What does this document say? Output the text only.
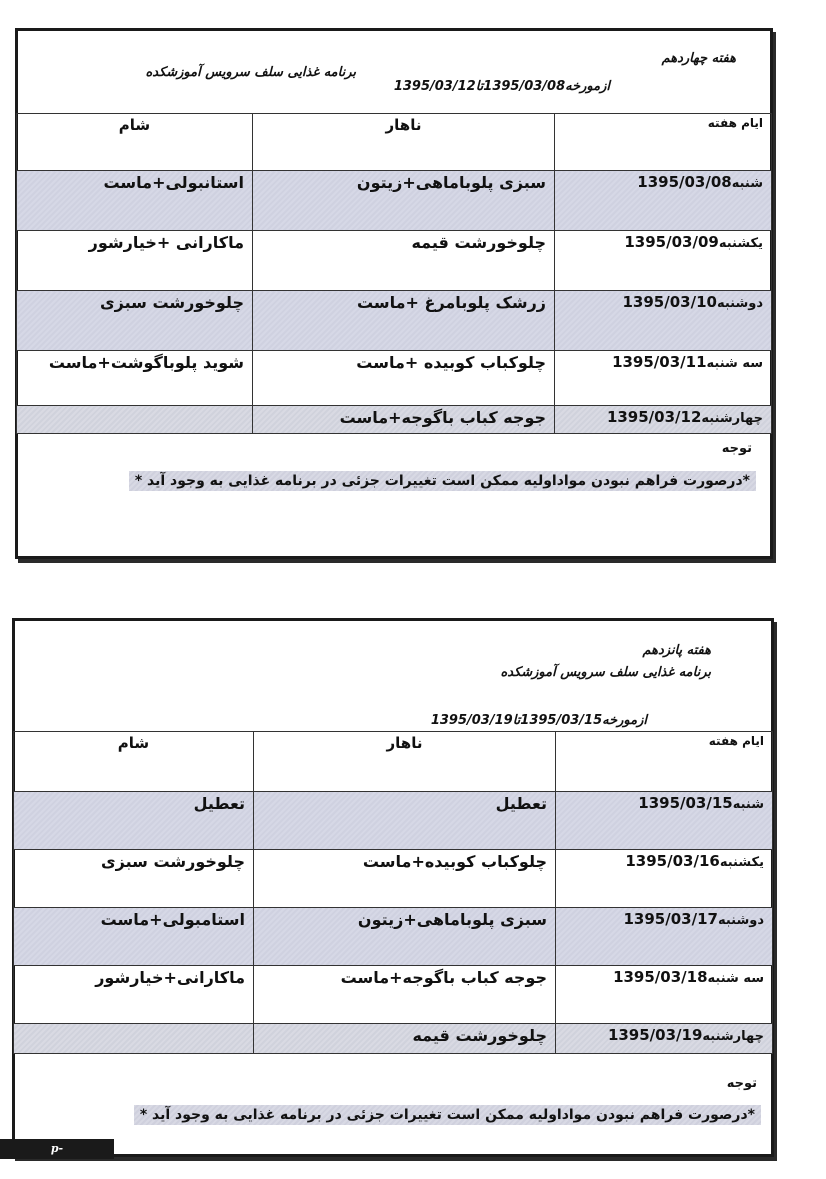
هفته چهاردهم
برنامه غذایی سلف سرویس آموزشکده
ازمورخه1395/03/08تا1395/03/12
ایام هفته	ناهار	شام
شنبه1395/03/08	سبزی پلوباماهی+زیتون	استانبولی+ماست
یکشنبه1395/03/09	چلوخورشت قیمه	ماکارانی +خیارشور
دوشنبه1395/03/10	زرشک پلوبامرغ +ماست	چلوخورشت سبزی
سه شنبه1395/03/11	چلوکباب کوبیده +ماست	شوید پلوباگوشت+ماست
چهارشنبه1395/03/12	جوجه کباب باگوجه+ماست	
توجه
*درصورت فراهم نبودن مواداولیه ممکن است تغییرات جزئی در برنامه غذایی به وجود آید *
هفته پانزدهم
برنامه غذایی سلف سرویس آموزشکده
ازمورخه1395/03/15تا1395/03/19
ایام هفته	ناهار	شام
شنبه1395/03/15	تعطیل	تعطیل
یکشنبه1395/03/16	چلوکباب کوبیده+ماست	چلوخورشت سبزی
دوشنبه1395/03/17	سبزی پلوباماهی+زیتون	استامبولی+ماست
سه شنبه1395/03/18	جوجه کباب باگوجه+ماست	ماکارانی+خیارشور
چهارشنبه1395/03/19	چلوخورشت قیمه	
توجه
*درصورت فراهم نبودن مواداولیه ممکن است تغییرات جزئی در برنامه غذایی به وجود آید *
p-borujerd.tvu.ac.ir
